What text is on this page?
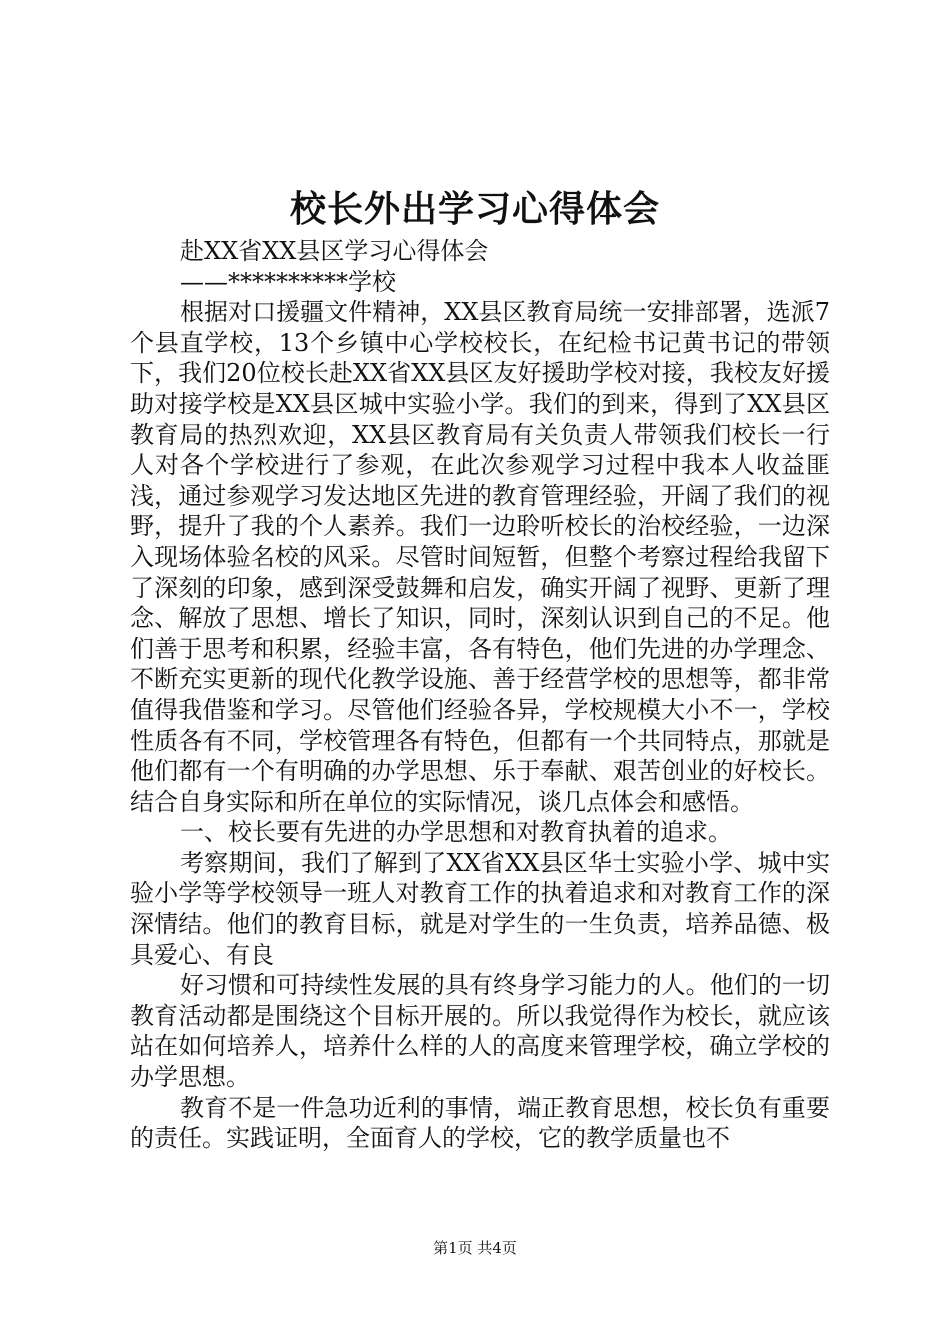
校长外出学习心得体会

赴XX省XX县区学习心得体会

——**********学校

根据对口援疆文件精神，XX县区教育局统一安排部署，选派7个县直学校，13个乡镇中心学校校长，在纪检书记黄书记的带领下，我们20位校长赴XX省XX县区友好援助学校对接，我校友好援助对接学校是XX县区城中实验小学。我们的到来，得到了XX县区教育局的热烈欢迎，XX县区教育局有关负责人带领我们校长一行人对各个学校进行了参观，在此次参观学习过程中我本人收益匪浅，通过参观学习发达地区先进的教育管理经验，开阔了我们的视野，提升了我的个人素养。我们一边聆听校长的治校经验，一边深入现场体验名校的风采。尽管时间短暂，但整个考察过程给我留下了深刻的印象，感到深受鼓舞和启发，确实开阔了视野、更新了理念、解放了思想、增长了知识，同时，深刻认识到自己的不足。他们善于思考和积累，经验丰富，各有特色，他们先进的办学理念、不断充实更新的现代化教学设施、善于经营学校的思想等，都非常值得我借鉴和学习。尽管他们经验各异，学校规模大小不一，学校性质各有不同，学校管理各有特色，但都有一个共同特点，那就是他们都有一个有明确的办学思想、乐于奉献、艰苦创业的好校长。结合自身实际和所在单位的实际情况，谈几点体会和感悟。

一、校长要有先进的办学思想和对教育执着的追求。

考察期间，我们了解到了XX省XX县区华士实验小学、城中实验小学等学校领导一班人对教育工作的执着追求和对教育工作的深深情结。他们的教育目标，就是对学生的一生负责，培养品德、极具爱心、有良

好习惯和可持续性发展的具有终身学习能力的人。他们的一切教育活动都是围绕这个目标开展的。所以我觉得作为校长，就应该站在如何培养人，培养什么样的人的高度来管理学校，确立学校的办学思想。

教育不是一件急功近利的事情，端正教育思想，校长负有重要的责任。实践证明，全面育人的学校，它的教学质量也不

第1页 共4页
